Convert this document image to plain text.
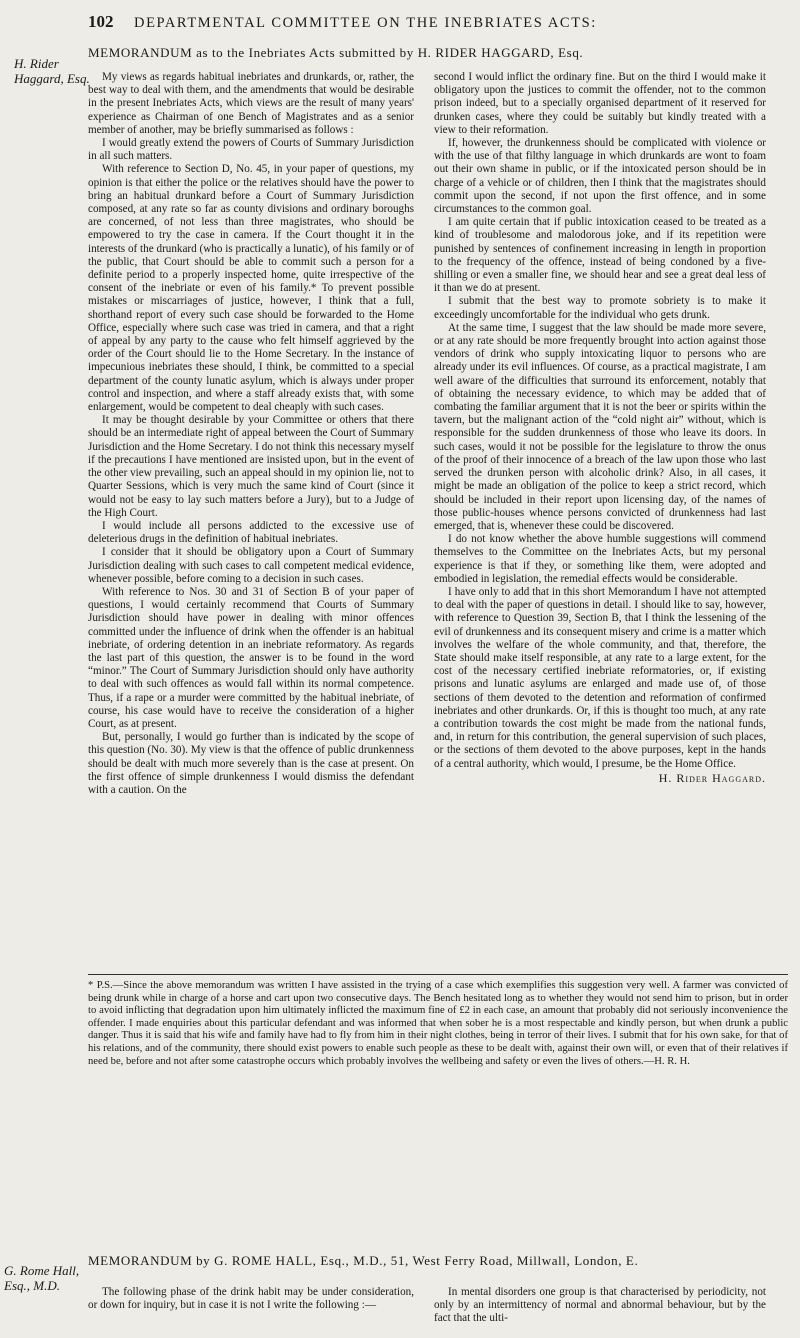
102	DEPARTMENTAL COMMITTEE ON THE INEBRIATES ACTS:
H. Rider Haggard, Esq.
MEMORANDUM as to the Inebriates Acts submitted by H. RIDER HAGGARD, Esq.

My views as regards habitual inebriates and drunkards, or, rather, the best way to deal with them, and the amendments that would be desirable in the present Inebriates Acts, which views are the result of many years' experience as Chairman of one Bench of Magistrates and as a senior member of another, may be briefly summarised as follows :

I would greatly extend the powers of Courts of Summary Jurisdiction in all such matters.

With reference to Section D, No. 45, in your paper of questions, my opinion is that either the police or the relatives should have the power to bring an habitual drunkard before a Court of Summary Jurisdiction composed, at any rate so far as county divisions and ordinary boroughs are concerned, of not less than three magistrates, who should be empowered to try the case in camera. If the Court thought it in the interests of the drunkard (who is practically a lunatic), of his family or of the public, that Court should be able to commit such a person for a definite period to a properly inspected home, quite irrespective of the consent of the inebriate or even of his family.* To prevent possible mistakes or miscarriages of justice, however, I think that a full, shorthand report of every such case should be forwarded to the Home Office, especially where such case was tried in camera, and that a right of appeal by any party to the cause who felt himself aggrieved by the order of the Court should lie to the Home Secretary. In the instance of impecunious inebriates these should, I think, be committed to a special department of the county lunatic asylum, which is always under proper control and inspection, and where a staff already exists that, with some enlargement, would be competent to deal cheaply with such cases.

It may be thought desirable by your Committee or others that there should be an intermediate right of appeal between the Court of Summary Jurisdiction and the Home Secretary. I do not think this necessary myself if the precautions I have mentioned are insisted upon, but in the event of the other view prevailing, such an appeal should in my opinion lie, not to Quarter Sessions, which is very much the same kind of Court (since it would not be easy to lay such matters before a Jury), but to a Judge of the High Court.

I would include all persons addicted to the excessive use of deleterious drugs in the definition of habitual inebriates.

I consider that it should be obligatory upon a Court of Summary Jurisdiction dealing with such cases to call competent medical evidence, whenever possible, before coming to a decision in such cases.

With reference to Nos. 30 and 31 of Section B of your paper of questions, I would certainly recommend that Courts of Summary Jurisdiction should have power in dealing with minor offences committed under the influence of drink when the offender is an habitual inebriate, of ordering detention in an inebriate reformatory. As regards the last part of this question, the answer is to be found in the word “minor.” The Court of Summary Jurisdiction should only have authority to deal with such offences as would fall within its normal competence. Thus, if a rape or a murder were committed by the habitual inebriate, of course, his case would have to receive the consideration of a higher Court, as at present.

But, personally, I would go further than is indicated by the scope of this question (No. 30). My view is that the offence of public drunkenness should be dealt with much more severely than is the case at present. On the first offence of simple drunkenness I would dismiss the defendant with a caution. On the

second I would inflict the ordinary fine. But on the third I would make it obligatory upon the justices to commit the offender, not to the common prison indeed, but to a specially organised department of it reserved for drunken cases, where they could be suitably but kindly treated with a view to their reformation.

If, however, the drunkenness should be complicated with violence or with the use of that filthy language in which drunkards are wont to foam out their own shame in public, or if the intoxicated person should be in charge of a vehicle or of children, then I think that the magistrates should commit upon the second, if not upon the first offence, and in some circumstances to the common goal.

I am quite certain that if public intoxication ceased to be treated as a kind of troublesome and malodorous joke, and if its repetition were punished by sentences of confinement increasing in length in proportion to the frequency of the offence, instead of being condoned by a five-shilling or even a smaller fine, we should hear and see a great deal less of it than we do at present.

I submit that the best way to promote sobriety is to make it exceedingly uncomfortable for the individual who gets drunk.

At the same time, I suggest that the law should be made more severe, or at any rate should be more frequently brought into action against those vendors of drink who supply intoxicating liquor to persons who are already under its evil influences. Of course, as a practical magistrate, I am well aware of the difficulties that surround its enforcement, notably that of obtaining the necessary evidence, to which may be added that of combating the familiar argument that it is not the beer or spirits within the tavern, but the malignant action of the “cold night air” without, which is responsible for the sudden drunkenness of those who leave its doors. In such cases, would it not be possible for the legislature to throw the onus of the proof of their innocence of a breach of the law upon those who last served the drunken person with alcoholic drink? Also, in all cases, it might be made an obligation of the police to keep a strict record, which should be included in their report upon licensing day, of the names of those public-houses whence persons convicted of drunkenness had last emerged, that is, whenever these could be discovered.

I do not know whether the above humble suggestions will commend themselves to the Committee on the Inebriates Acts, but my personal experience is that if they, or something like them, were adopted and embodied in legislation, the remedial effects would be considerable.

I have only to add that in this short Memorandum I have not attempted to deal with the paper of questions in detail. I should like to say, however, with reference to Question 39, Section B, that I think the lessening of the evil of drunkenness and its consequent misery and crime is a matter which involves the welfare of the whole community, and that, therefore, the State should make itself responsible, at any rate to a large extent, for the cost of the necessary certified inebriate reformatories, or, if existing prisons and lunatic asylums are enlarged and made use of, of those sections of them devoted to the detention and reformation of confirmed inebriates and other drunkards. Or, if this is thought too much, at any rate a contribution towards the cost might be made from the national funds, and, in return for this contribution, the general supervision of such places, or the sections of them devoted to the above purposes, kept in the hands of a central authority, which would, I presume, be the Home Office.

H. Rider Haggard.
* P.S.—Since the above memorandum was written I have assisted in the trying of a case which exemplifies this suggestion very well. A farmer was convicted of being drunk while in charge of a horse and cart upon two consecutive days. The Bench hesitated long as to whether they would not send him to prison, but in order to avoid inflicting that degradation upon him ultimately inflicted the maximum fine of £2 in each case, an amount that probably did not seriously inconvenience the offender. I made enquiries about this particular defendant and was informed that when sober he is a most respectable and kindly person, but when drunk a public danger. Thus it is said that his wife and family have had to fly from him in their night clothes, being in terror of their lives. I submit that for his own sake, for that of his relations, and of the community, there should exist powers to enable such people as these to be dealt with, against their own will, or even that of their relatives if need be, before and not after some catastrophe occurs which probably involves the wellbeing and safety or even the lives of others.—H. R. H.
G. Rome Hall, Esq., M.D.
MEMORANDUM by G. ROME HALL, Esq., M.D., 51, West Ferry Road, Millwall, London, E.

The following phase of the drink habit may be under consideration, or down for inquiry, but in case it is not I write the following :—

In mental disorders one group is that characterised by periodicity, not only by an intermittency of normal and abnormal behaviour, but by the fact that the ulti-
